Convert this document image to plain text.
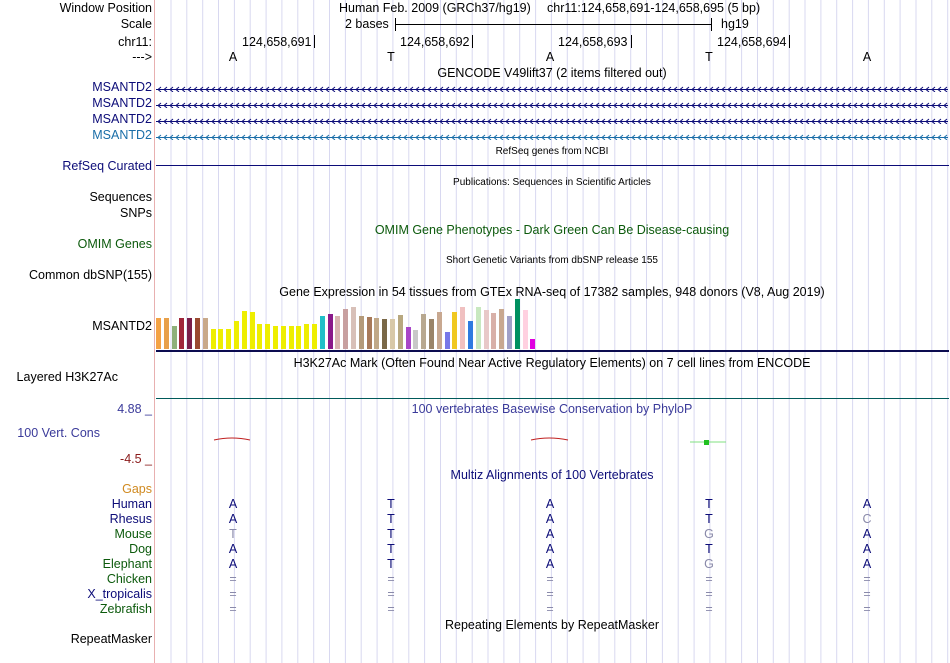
Window Position	Human Feb. 2009 (GRCh37/hg19) chr11:124,658,691-124,658,695 (5 bp)
Scale	2 bases	hg19
chr11:	124,658,691	124,658,692	124,658,693	124,658,694
--->	A	T	A	T	A
GENCODE V49lift37 (2 items filtered out)
MSANTD2
MSANTD2
MSANTD2
MSANTD2
RefSeq genes from NCBI
RefSeq Curated
Publications: Sequences in Scientific Articles
Sequences
SNPs
OMIM Gene Phenotypes - Dark Green Can Be Disease-causing
OMIM Genes
Short Genetic Variants from dbSNP release 155
Common dbSNP(155)
Gene Expression in 54 tissues from GTEx RNA-seq of 17382 samples, 948 donors (V8, Aug 2019)
MSANTD2
H3K27Ac Mark (Often Found Near Active Regulatory Elements) on 7 cell lines from ENCODE
Layered H3K27Ac
4.88 _	100 vertebrates Basewise Conservation by PhyloP
100 Vert. Cons
-4.5 _
Multiz Alignments of 100 Vertebrates
Gaps
Human	A	T	A	T	A
Rhesus	A	T	A	T	C
Mouse	T	T	A	G	A
Dog	A	T	A	T	A
Elephant	A	T	A	G	A
Chicken	=	=	=	=	=
X_tropicalis	=	=	=	=	=
Zebrafish	=	=	=	=	=
Repeating Elements by RepeatMasker
RepeatMasker
